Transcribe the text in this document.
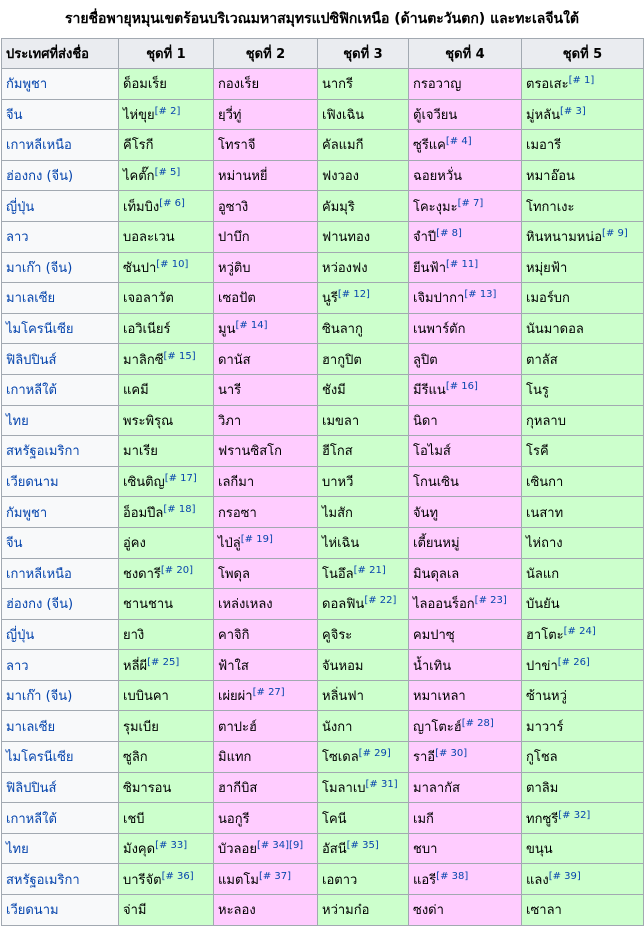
รายชื่อพายุหมุนเขตร้อนบริเวณมหาสมุทรแปซิฟิกเหนือ (ด้านตะวันตก) และทะเลจีนใต้
ประเทศที่ส่งชื่อ	ชุดที่ 1	ชุดที่ 2	ชุดที่ 3	ชุดที่ 4	ชุดที่ 5
กัมพูชา	ด็อมเร็ย	กองเร็ย	นากรี	กรอวาญ	ตรอเสะ[# 1]
จีน	ไห่ขุย[# 2]	ยฺวี่ทู่	เฟิงเฉิน	ตู้เจวียน	มู่หลัน[# 3]
เกาหลีเหนือ	คีโรกี	โทราจี	คัลแมกี	ซูรีแค[# 4]	เมอารี
ฮ่องกง (จีน)	ไคตั๊ก[# 5]	หม่านหยี่	ฟงวอง	ฉอยหวั่น	หมาอ๊อน
ญี่ปุ่น	เท็มบิง[# 6]	อูซางิ	คัมมุริ	โคะงุมะ[# 7]	โทกาเงะ
ลาว	บอละเวน	ปาบึก	ฟานทอง	จำปี[# 8]	หินหนามหน่อ[# 9]
มาเก๊า (จีน)	ซันปา[# 10]	หวู่ติบ	หว่องฟง	ยีนฟ้า[# 11]	หมุ่ยฟ้า
มาเลเซีย	เจอลาวัต	เซอปัต	นูรี[# 12]	เจิมปากา[# 13]	เมอร์บก
ไมโครนีเซีย	เอวิเนียร์	มูน[# 14]	ซินลากู	เนพาร์ตัก	นันมาดอล
ฟิลิปปินส์	มาลิกซี[# 15]	ดานัส	ฮากูปิต	ลูปิต	ตาลัส
เกาหลีใต้	แคมี	นารี	ชังมี	มีรีแน[# 16]	โนรู
ไทย	พระพิรุณ	วิภา	เมขลา	นิดา	กุหลาบ
สหรัฐอเมริกา	มาเรีย	ฟรานซิสโก	ฮีโกส	โอไมส์	โรคี
เวียดนาม	เซินติญ[# 17]	เลกีมา	บาหวี	โกนเซิน	เซินกา
กัมพูชา	อ็อมปึล[# 18]	กรอซา	ไมสัก	จันทู	เนสาท
จีน	อู่คง	ไป่ลู่[# 19]	ไห่เฉิน	เตี้ยนหมู่	ไห่ถาง
เกาหลีเหนือ	ชงดารี[# 20]	โพดุล	โนอึล[# 21]	มินดุลเล	นัลแก
ฮ่องกง (จีน)	ชานชาน	เหล่งเหลง	ดอลฟิน[# 22]	ไลออนร็อก[# 23]	บันยัน
ญี่ปุ่น	ยางิ	คาจิกิ	คูจิระ	คมปาซุ	ฮาโตะ[# 24]
ลาว	หลี่ผี[# 25]	ฟ้าใส	จันหอม	น้ำเทิน	ปาข่า[# 26]
มาเก๊า (จีน)	เบบินคา	เผ่ยผ่า[# 27]	หลิ่นฟา	หมาเหลา	ซ้านหวู่
มาเลเซีย	รุมเบีย	ตาปะฮ์	นังกา	ญาโตะฮ์[# 28]	มาวาร์
ไมโครนีเซีย	ซูลิก	มิแทก	โซเดล[# 29]	ราอี[# 30]	กูโชล
ฟิลิปปินส์	ซิมารอน	ฮากีบิส	โมลาเบ[# 31]	มาลากัส	ตาลิม
เกาหลีใต้	เชบี	นอกูรี	โคนี	เมกี	ทกซูรี[# 32]
ไทย	มังคุด[# 33]	บัวลอย[# 34][9]	อัสนี[# 35]	ชบา	ขนุน
สหรัฐอเมริกา	บารีจัต[# 36]	แมตโม[# 37]	เอตาว	แอรี[# 38]	แลง[# 39]
เวียดนาม	จ่ามี	หะลอง	หว่ามก๋อ	ซงด่า	เซาลา
